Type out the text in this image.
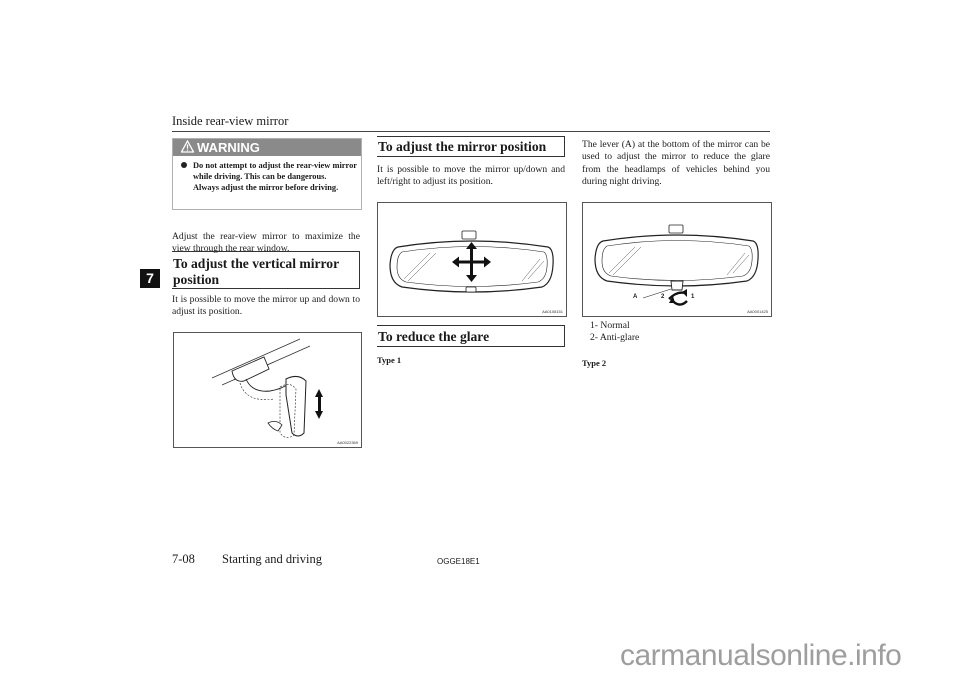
Inside rear-view mirror
7
WARNING
Do not attempt to adjust the rear-view mirror while driving. This can be dangerous.
Always adjust the mirror before driving.
Adjust the rear-view mirror to maximize the view through the rear window.
To adjust the vertical mirror position
It is possible to move the mirror up and down to adjust its position.
AA0022369
To adjust the mirror position
It is possible to move the mirror up/down and left/right to adjust its position.
AA0108151
To reduce the glare
Type 1
The lever (A) at the bottom of the mirror can be used to adjust the mirror to reduce the glare from the headlamps of vehicles behind you during night driving.
A	2	1
AA0001425
1- Normal
2- Anti-glare
Type 2
7-08 Starting and driving	OGGE18E1
carmanualsonline.info
